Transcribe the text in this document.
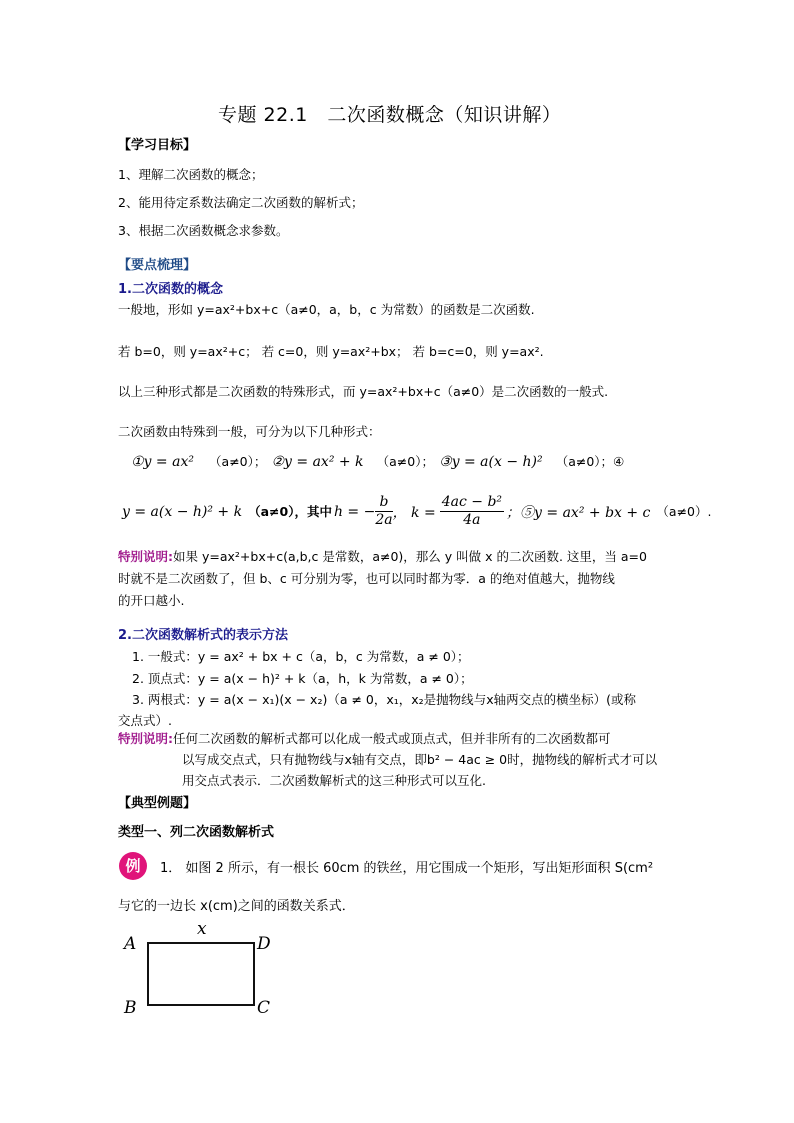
专题 22.1　二次函数概念（知识讲解）
【学习目标】
1、理解二次函数的概念；
2、能用待定系数法确定二次函数的解析式；
3、根据二次函数概念求参数。
【要点梳理】
1.二次函数的概念
一般地，形如 y=ax²+bx+c（a≠0，a，b，c 为常数）的函数是二次函数.
若 b=0，则 y=ax²+c； 若 c=0，则 y=ax²+bx； 若 b=c=0，则 y=ax².
以上三种形式都是二次函数的特殊形式，而 y=ax²+bx+c（a≠0）是二次函数的一般式.
二次函数由特殊到一般，可分为以下几种形式：
①y = ax² （a≠0）； ②y = ax² + k （a≠0）； ③y = a(x − h)² （a≠0）；④
y = a(x − h)² + k （a≠0），其中 h = − $\frac{b}{2a}$ ， $k = \frac{\text{4ac − b²}}{4a}$ ；⑤y = ax² + bx + c （a≠0）.
特别说明:如果 y=ax²+bx+c(a,b,c 是常数，a≠0)，那么 y 叫做 x 的二次函数. 这里，当 a=0
时就不是二次函数了，但 b、c 可分别为零，也可以同时都为零．a 的绝对值越大，抛物线
的开口越小.
2.二次函数解析式的表示方法
1. 一般式：y = ax² + bx + c（a，b，c 为常数，a ≠ 0）；
2. 顶点式：y = a(x − h)² + k（a，h，k 为常数，a ≠ 0）；
3. 两根式：y = a(x − x₁)(x − x₂)（a ≠ 0，x₁，x₂是抛物线与x轴两交点的横坐标）(或称
交点式）.
特别说明:任何二次函数的解析式都可以化成一般式或顶点式，但并非所有的二次函数都可
以写成交点式，只有抛物线与x轴有交点，即b² − 4ac ≥ 0时，抛物线的解析式才可以
用交点式表示．二次函数解析式的这三种形式可以互化.
【典型例题】
类型一、列二次函数解析式
例 1． 如图 2 所示，有一根长 60cm 的铁丝，用它围成一个矩形，写出矩形面积 S(cm²
与它的一边长 x(cm)之间的函数关系式．
x
A	D
B	C
